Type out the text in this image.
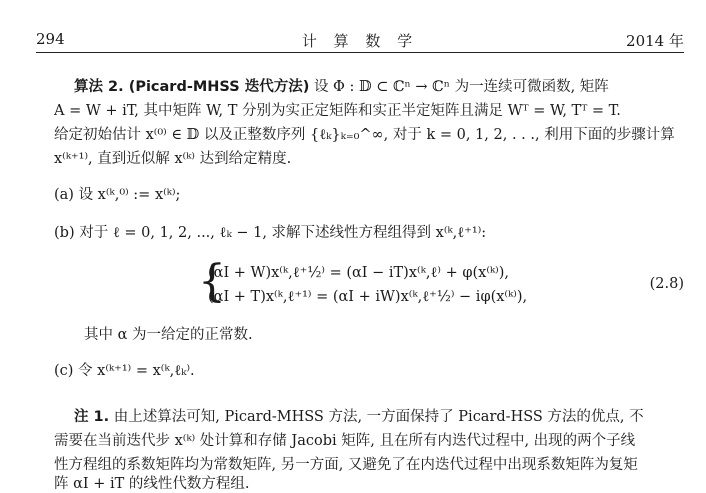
294	计 算 数 学	2014 年
算法 2. (Picard-MHSS 迭代方法) 设 Φ : 𝔻 ⊂ ℂⁿ → ℂⁿ 为一连续可微函数, 矩阵
A = W + iT, 其中矩阵 W, T 分别为实正定矩阵和实正半定矩阵且满足 Wᵀ = W, Tᵀ = T.
给定初始估计 x⁽⁰⁾ ∈ 𝔻 以及正整数序列 {ℓₖ}ₖ₌₀^∞, 对于 k = 0, 1, 2, . . ., 利用下面的步骤计算
x⁽ᵏ⁺¹⁾, 直到近似解 x⁽ᵏ⁾ 达到给定精度.
(a) 设 x⁽ᵏ,⁰⁾ := x⁽ᵏ⁾;
(b) 对于 ℓ = 0, 1, 2, ..., ℓₖ − 1, 求解下述线性方程组得到 x⁽ᵏ,ℓ⁺¹⁾:
{
(αI + W)x⁽ᵏ,ℓ⁺½⁾ = (αI − iT)x⁽ᵏ,ℓ⁾ + φ(x⁽ᵏ⁾),
(αI + T)x⁽ᵏ,ℓ⁺¹⁾ = (αI + iW)x⁽ᵏ,ℓ⁺½⁾ − iφ(x⁽ᵏ⁾),
(2.8)
其中 α 为一给定的正常数.
(c) 令 x⁽ᵏ⁺¹⁾ = x⁽ᵏ,ℓₖ⁾.
注 1. 由上述算法可知, Picard-MHSS 方法, 一方面保持了 Picard-HSS 方法的优点, 不
需要在当前迭代步 x⁽ᵏ⁾ 处计算和存储 Jacobi 矩阵, 且在所有内迭代过程中, 出现的两个子线
性方程组的系数矩阵均为常数矩阵, 另一方面, 又避免了在内迭代过程中出现系数矩阵为复矩
阵 αI + iT 的线性代数方程组.
